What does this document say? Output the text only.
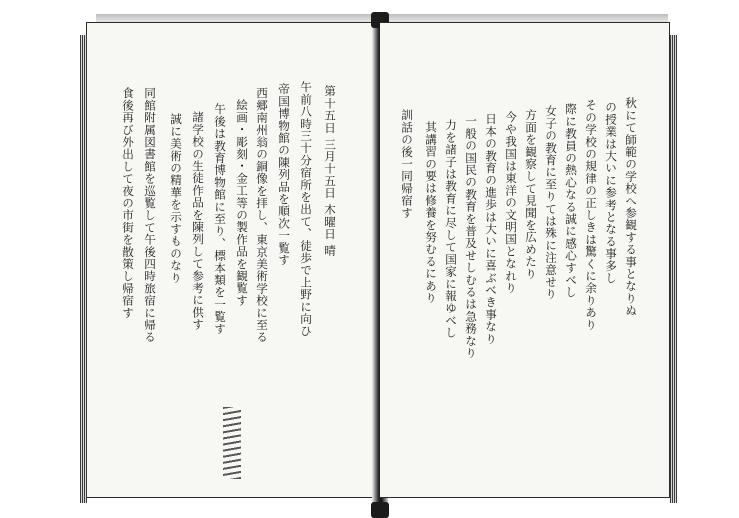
第十五日 三月十五日 木曜日 晴
午前八時三十分宿所を出て、徒歩で上野に向ひ
帝国博物館の陳列品を順次一覧す
西郷南州翁の銅像を拝し、東京美術学校に至る
絵画・彫刻・金工等の製作品を観覧す
午後は教育博物館に至り、標本類を一覧す
諸学校の生徒作品を陳列して参考に供す
誠に美術の精華を示すものなり
同館附属図書館を巡覧して午後四時旅宿に帰る
食後再び外出して夜の市街を散策し帰宿す	秋にて師範の学校へ参観する事となりぬ
の授業は大いに参考となる事多し
その学校の規律の正しきは驚くに余りあり
際に教員の熱心なる誠に感心すべし
女子の教育に至りては殊に注意せり
方面を観察して見聞を広めたり
今や我国は東洋の文明国となれり
日本の教育の進歩は大いに喜ぶべき事なり
一般の国民の教育を普及せしむるは急務なり
力を諸子は教育に尽して国家に報ゆべし
其講習の要は修養を努むるにあり
訓話の後一同帰宿す
